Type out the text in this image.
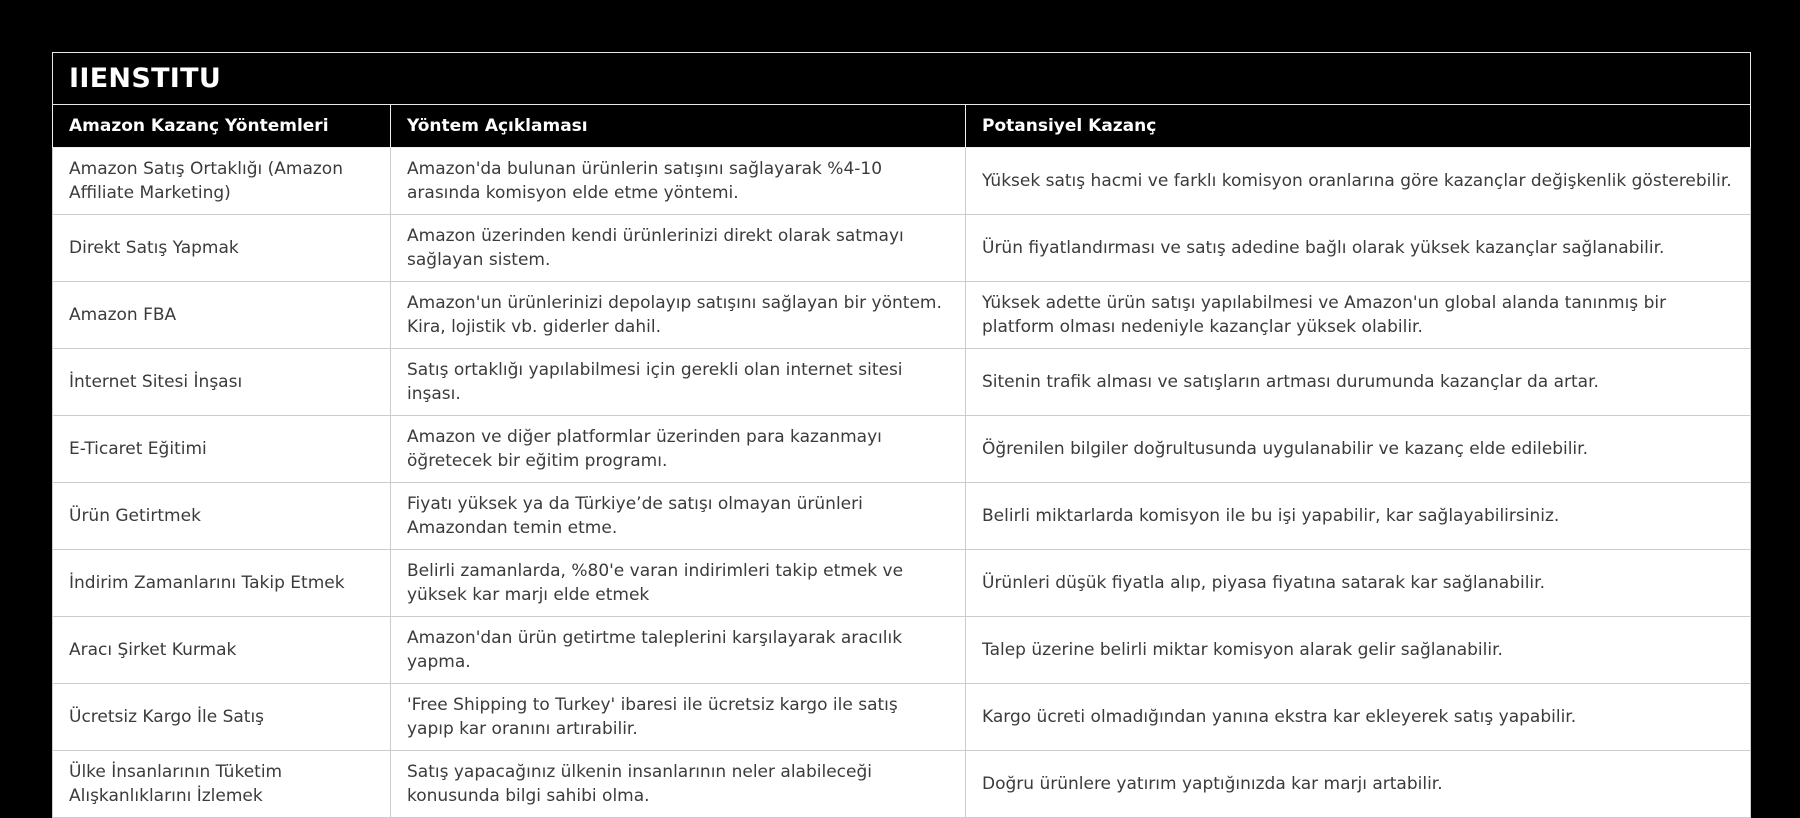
IIENSTITU		
Amazon Kazanç Yöntemleri	Yöntem Açıklaması	Potansiyel Kazanç
Amazon Satış Ortaklığı (Amazon Affiliate Marketing)	Amazon'da bulunan ürünlerin satışını sağlayarak %4-10 arasında komisyon elde etme yöntemi.	Yüksek satış hacmi ve farklı komisyon oranlarına göre kazançlar değişkenlik gösterebilir.
Direkt Satış Yapmak	Amazon üzerinden kendi ürünlerinizi direkt olarak satmayı sağlayan sistem.	Ürün fiyatlandırması ve satış adedine bağlı olarak yüksek kazançlar sağlanabilir.
Amazon FBA	Amazon'un ürünlerinizi depolayıp satışını sağlayan bir yöntem. Kira, lojistik vb. giderler dahil.	Yüksek adette ürün satışı yapılabilmesi ve Amazon'un global alanda tanınmış bir platform olması nedeniyle kazançlar yüksek olabilir.
İnternet Sitesi İnşası	Satış ortaklığı yapılabilmesi için gerekli olan internet sitesi inşası.	Sitenin trafik alması ve satışların artması durumunda kazançlar da artar.
E-Ticaret Eğitimi	Amazon ve diğer platformlar üzerinden para kazanmayı öğretecek bir eğitim programı.	Öğrenilen bilgiler doğrultusunda uygulanabilir ve kazanç elde edilebilir.
Ürün Getirtmek	Fiyatı yüksek ya da Türkiye’de satışı olmayan ürünleri Amazondan temin etme.	Belirli miktarlarda komisyon ile bu işi yapabilir, kar sağlayabilirsiniz.
İndirim Zamanlarını Takip Etmek	Belirli zamanlarda, %80'e varan indirimleri takip etmek ve yüksek kar marjı elde etmek	Ürünleri düşük fiyatla alıp, piyasa fiyatına satarak kar sağlanabilir.
Aracı Şirket Kurmak	Amazon'dan ürün getirtme taleplerini karşılayarak aracılık yapma.	Talep üzerine belirli miktar komisyon alarak gelir sağlanabilir.
Ücretsiz Kargo İle Satış	'Free Shipping to Turkey' ibaresi ile ücretsiz kargo ile satış yapıp kar oranını artırabilir.	Kargo ücreti olmadığından yanına ekstra kar ekleyerek satış yapabilir.
Ülke İnsanlarının Tüketim Alışkanlıklarını İzlemek	Satış yapacağınız ülkenin insanlarının neler alabileceği konusunda bilgi sahibi olma.	Doğru ürünlere yatırım yaptığınızda kar marjı artabilir.
